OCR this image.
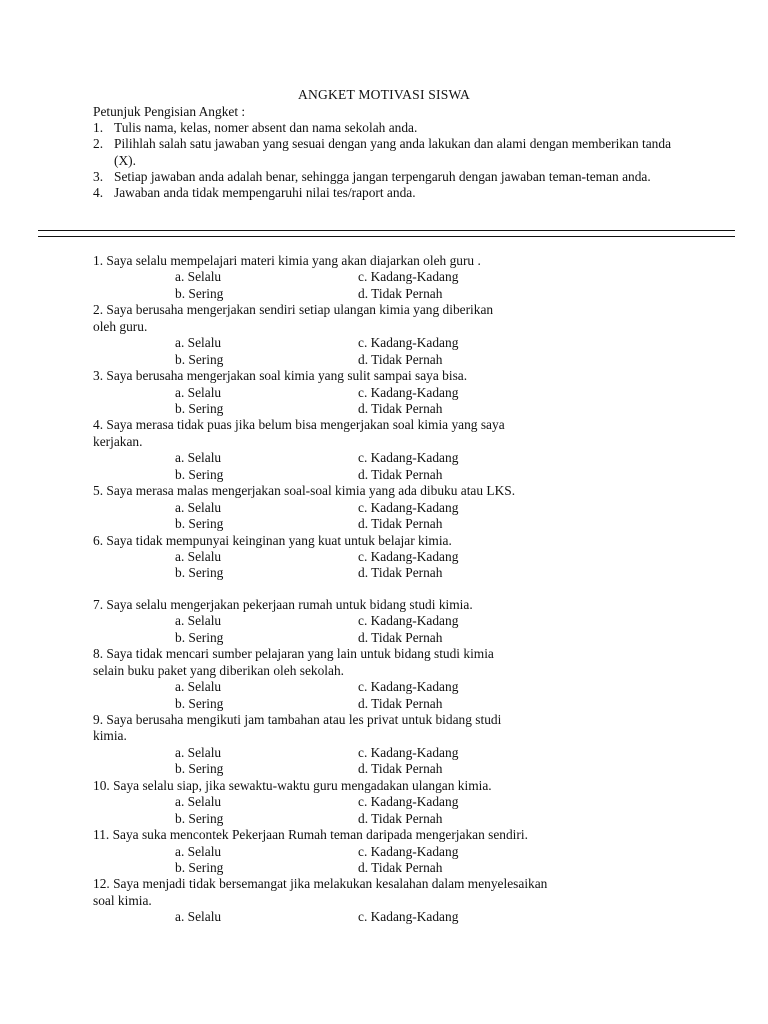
ANGKET MOTIVASI SISWA
Petunjuk Pengisian Angket :
1. Tulis nama, kelas, nomer absent dan nama sekolah anda.
2. Pilihlah salah satu jawaban yang sesuai dengan yang anda lakukan dan alami dengan memberikan tanda (X).
3. Setiap jawaban anda adalah benar, sehingga jangan terpengaruh dengan jawaban teman-teman anda.
4. Jawaban anda tidak mempengaruhi nilai tes/raport anda.
1. Saya selalu mempelajari materi kimia yang akan diajarkan oleh guru .
a. Selalu	c. Kadang-Kadang
b. Sering	d. Tidak Pernah
2. Saya berusaha mengerjakan sendiri setiap ulangan kimia yang diberikan
oleh guru.
a. Selalu	c. Kadang-Kadang
b. Sering	d. Tidak Pernah
3. Saya berusaha mengerjakan soal kimia yang sulit sampai saya bisa.
a. Selalu	c. Kadang-Kadang
b. Sering	d. Tidak Pernah
4. Saya merasa tidak puas jika belum bisa mengerjakan soal kimia yang saya
kerjakan.
a. Selalu	c. Kadang-Kadang
b. Sering	d. Tidak Pernah
5. Saya merasa malas mengerjakan soal-soal kimia yang ada dibuku atau LKS.
a. Selalu	c. Kadang-Kadang
b. Sering	d. Tidak Pernah
6. Saya tidak mempunyai keinginan yang kuat untuk belajar kimia.
a. Selalu	c. Kadang-Kadang
b. Sering	d. Tidak Pernah
7. Saya selalu mengerjakan pekerjaan rumah untuk bidang studi kimia.
a. Selalu	c. Kadang-Kadang
b. Sering	d. Tidak Pernah
8. Saya tidak mencari sumber pelajaran yang lain untuk bidang studi kimia
selain buku paket yang diberikan oleh sekolah.
a. Selalu	c. Kadang-Kadang
b. Sering	d. Tidak Pernah
9. Saya berusaha mengikuti jam tambahan atau les privat untuk bidang studi
kimia.
a. Selalu	c. Kadang-Kadang
b. Sering	d. Tidak Pernah
10. Saya selalu siap, jika sewaktu-waktu guru mengadakan ulangan kimia.
a. Selalu	c. Kadang-Kadang
b. Sering	d. Tidak Pernah
11. Saya suka mencontek Pekerjaan Rumah teman daripada mengerjakan sendiri.
a. Selalu	c. Kadang-Kadang
b. Sering	d. Tidak Pernah
12. Saya menjadi tidak bersemangat jika melakukan kesalahan dalam menyelesaikan
soal kimia.
a. Selalu	c. Kadang-Kadang
